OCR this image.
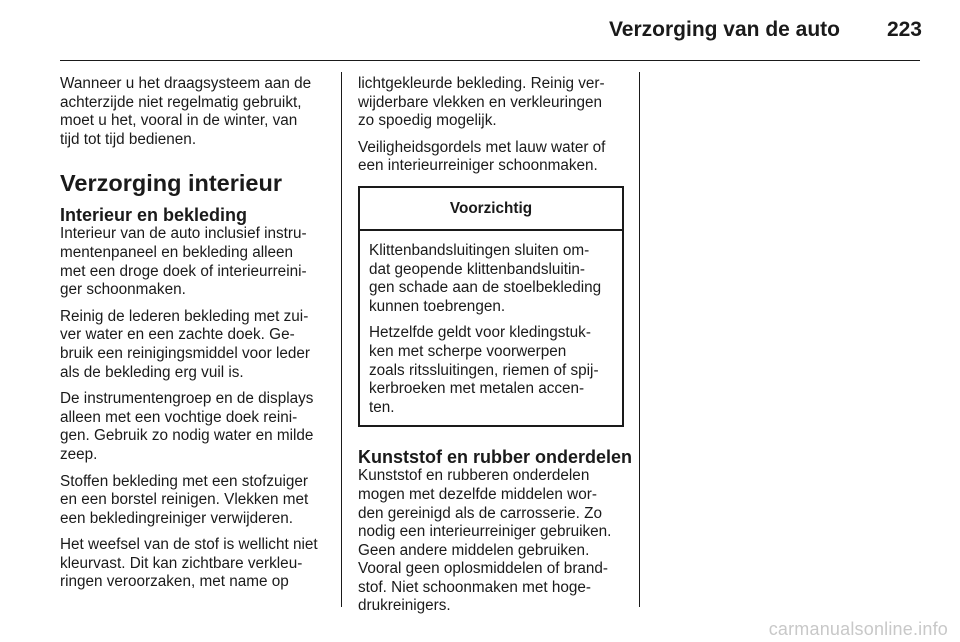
Verzorging van de auto 223

Wanneer u het draagsysteem aan de
achterzijde niet regelmatig gebruikt,
moet u het, vooral in de winter, van
tijd tot tijd bedienen.

Verzorging interieur
Interieur en bekleding

Interieur van de auto inclusief instru-
mentenpaneel en bekleding alleen
met een droge doek of interieurreini-
ger schoonmaken.

Reinig de lederen bekleding met zui-
ver water en een zachte doek. Ge-
bruik een reinigingsmiddel voor leder
als de bekleding erg vuil is.

De instrumentengroep en de displays
alleen met een vochtige doek reini-
gen. Gebruik zo nodig water en milde
zeep.

Stoffen bekleding met een stofzuiger
en een borstel reinigen. Vlekken met
een bekledingreiniger verwijderen.

Het weefsel van de stof is wellicht niet
kleurvast. Dit kan zichtbare verkleu-
ringen veroorzaken, met name op

lichtgekleurde bekleding. Reinig ver-
wijderbare vlekken en verkleuringen
zo spoedig mogelijk.

Veiligheidsgordels met lauw water of
een interieurreiniger schoonmaken.

Voorzichtig

Klittenbandsluitingen sluiten om-
dat geopende klittenbandsluitin-
gen schade aan de stoelbekleding
kunnen toebrengen.

Hetzelfde geldt voor kledingstuk-
ken met scherpe voorwerpen
zoals ritssluitingen, riemen of spij-
kerbroeken met metalen accen-
ten.

Kunststof en rubber onderdelen

Kunststof en rubberen onderdelen
mogen met dezelfde middelen wor-
den gereinigd als de carrosserie. Zo
nodig een interieurreiniger gebruiken.
Geen andere middelen gebruiken.
Vooral geen oplosmiddelen of brand-
stof. Niet schoonmaken met hoge-
drukreinigers.

carmanualsonline.info
